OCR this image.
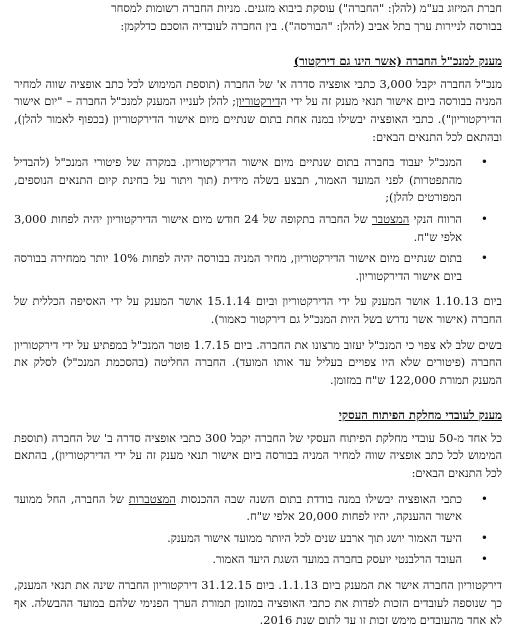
חברת המיזוג בע"מ (להלן: "החברה") עוסקת ביבוא מזגנים. מניות החברה רשומות למסחר

בבורסה לניירות ערך בתל אביב (להלן: "הבורסה"). בין החברה לעובדיה הוסכם כדלקמן:

מענק למנכ"ל החברה (אשר הינו גם דירקטור)

מנכ"ל החברה יקבל 3,000 כתבי אופציה סדרה א' של החברה (תוספת המימוש לכל כתב אופציה שווה למחיר המניה בבורסה ביום אישור תנאי מענק זה על ידי הדירקטוריון; להלן לענייו המענק למנכ"ל החברה – "יום אישור הדירקטוריון"). כתבי האופציה יבשילו במנה אחת בתום שנתיים מיום אישור הדירקטוריון (בכפוף לאמור להלן), ובהתאם לכל התנאים הבאים:

•
המנכ"ל יעבוד בחברה בתום שנתיים מיום אישור הדירקטוריון. במקרה של פיטורי המנכ"ל (להבדיל מהתפטרות) לפני המועד האמור, תבצע בשלה מידית (תוך ויתור על בחינת קיום התנאים הנוספים, המפורטים להלן);
•
הרווח הנקי המצטבר של החברה בתקופה של 24 חודש מיום אישור הדירקטוריון יהיה לפחות 3,000 אלפי ש"ח.
•
בתום שנתיים מיום אישור הדירקטוריון, מחיר המניה בבורסה יהיה לפחות 10% יותר ממחירה בבורסה ביום אישור הדירקטוריון.

ביום 1.10.13 אושר המענק על ידי הדירקטוריון וביום 15.1.14 אושר המענק על ידי האסיפה הכללית של החברה (אישור אשר נדרש בשל היות המנכ"ל גם דירקטור כאמור).

בשים שלב לא צפוי כי המנכ"ל יעזוב מרצונו את החברה. ביום 1.7.15 פוטר המנכ"ל במפתיע על ידי דירקטוריון החברה (פיטורים שלא היו צפויים בעליל עד אותו המועד). החברה החליטה (בהסכמת המנכ"ל) לסלק את המענק תמורת 122,000 ש"ח במזומן.

מענק לעובדי מחלקת הפיתוח העסקי

כל אחד מ-50 עובדי מחלקת הפיתוח העסקי של החברה יקבל 300 כתבי אופציה סדרה ב' של החברה (תוספת המימוש לכל כתב אופציה שווה למחיר המניה בבורסה ביום אישור תנאי מענק זה על ידי הדירקטוריון), בהתאם לכל התנאים הבאים:

•
כתבי האופציה יבשילו במנה בודדת בתום השנה שבה ההכנסות המצטברות של החברה, החל ממועד אישור ההענקה, יהיו לפחות 20,000 אלפי ש"ח.
•
היעד האמור יושג תוך ארבע שנים לכל היותר ממועד אישור המענק.
•
העובד הרלבנטי יועסק בחברה במועד השגת היעד האמור.

דירקטוריון החברה אישר את המענק ביום 1.1.13. ביום 31.12.15 דירקטוריון החברה שינה את תנאי המענק, כך שנוספה לעובדים הזכות לפדות את כתבי האופציה במזומן תמורת הערך הפנימי שלהם במועד ההבשלה. אף לא אחד מהעובדים מימש זכות זו עד לתום שנת 2016.
